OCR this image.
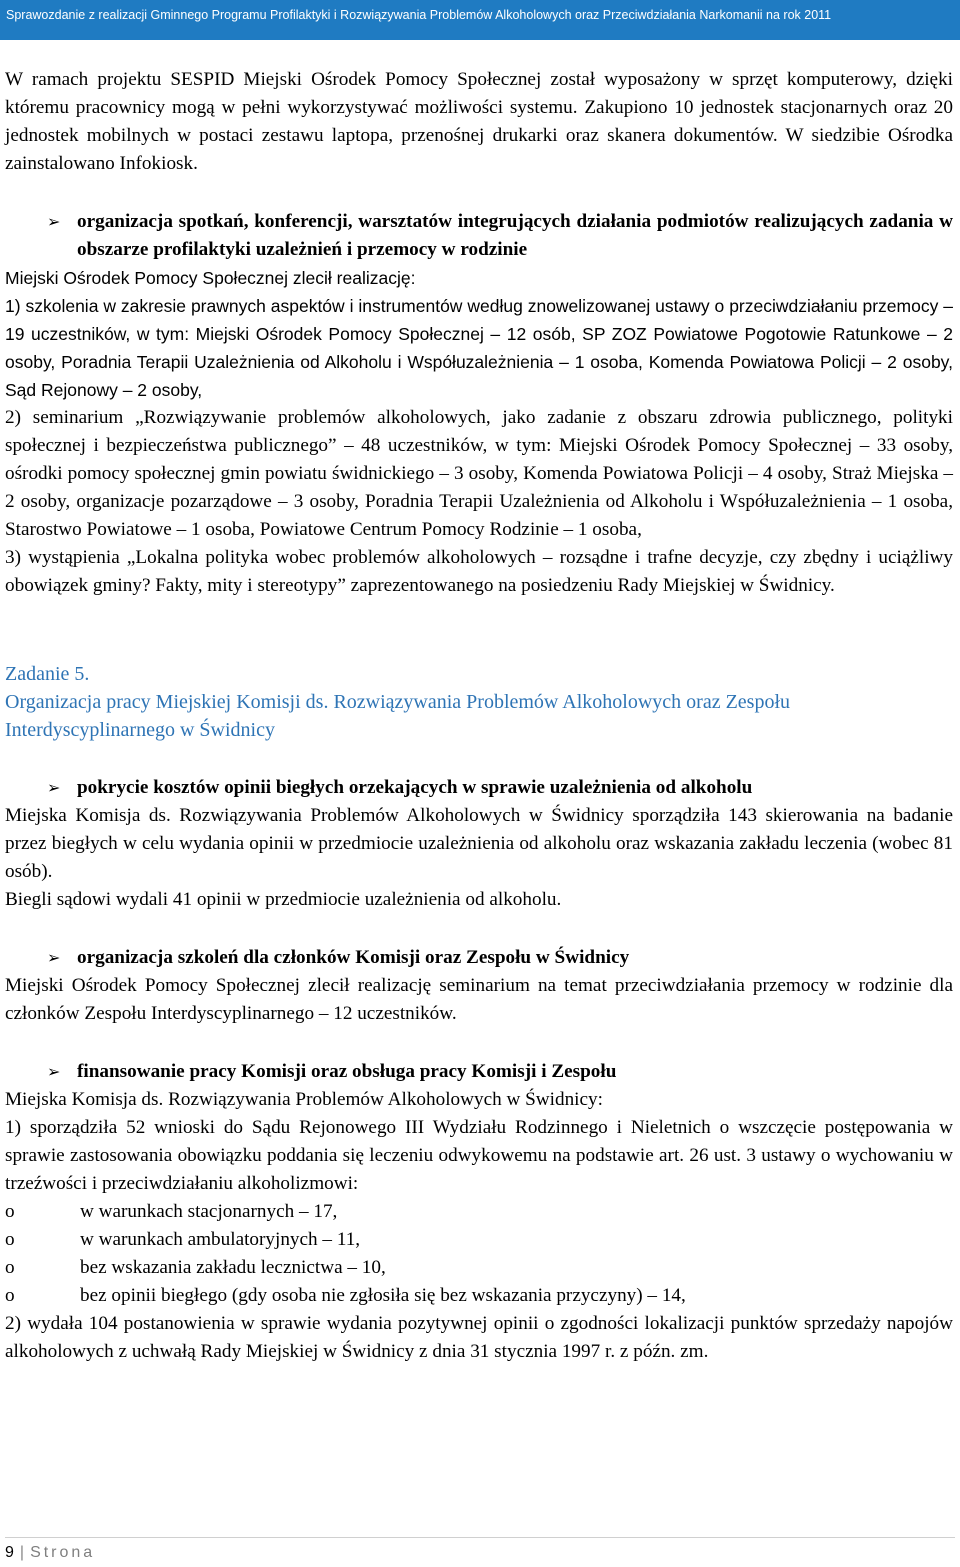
Sprawozdanie z realizacji Gminnego Programu Profilaktyki i Rozwiązywania Problemów Alkoholowych oraz Przeciwdziałania Narkomanii na rok 2011

W ramach projektu SESPID Miejski Ośrodek Pomocy Społecznej został wyposażony w sprzęt komputerowy, dzięki któremu pracownicy mogą w pełni wykorzystywać możliwości systemu. Zakupiono 10 jednostek stacjonarnych oraz 20 jednostek mobilnych w postaci zestawu laptopa, przenośnej drukarki oraz skanera dokumentów. W siedzibie Ośrodka zainstalowano Infokiosk.

➢ organizacja spotkań, konferencji, warsztatów integrujących działania podmiotów realizujących zadania w obszarze profilaktyki uzależnień i przemocy w rodzinie

Miejski Ośrodek Pomocy Społecznej zlecił realizację:

1) szkolenia w zakresie prawnych aspektów i instrumentów według znowelizowanej ustawy o przeciwdziałaniu przemocy – 19 uczestników, w tym: Miejski Ośrodek Pomocy Społecznej – 12 osób, SP ZOZ Powiatowe Pogotowie Ratunkowe – 2 osoby, Poradnia Terapii Uzależnienia od Alkoholu i Współuzależnienia – 1 osoba, Komenda Powiatowa Policji – 2 osoby, Sąd Rejonowy – 2 osoby,

2) seminarium „Rozwiązywanie problemów alkoholowych, jako zadanie z obszaru zdrowia publicznego, polityki społecznej i bezpieczeństwa publicznego” – 48 uczestników, w tym: Miejski Ośrodek Pomocy Społecznej – 33 osoby, ośrodki pomocy społecznej gmin powiatu świdnickiego – 3 osoby, Komenda Powiatowa Policji – 4 osoby, Straż Miejska – 2 osoby, organizacje pozarządowe – 3 osoby, Poradnia Terapii Uzależnienia od Alkoholu i Współuzależnienia – 1 osoba, Starostwo Powiatowe – 1 osoba, Powiatowe Centrum Pomocy Rodzinie – 1 osoba,

3) wystąpienia „Lokalna polityka wobec problemów alkoholowych – rozsądne i trafne decyzje, czy zbędny i uciążliwy obowiązek gminy? Fakty, mity i stereotypy” zaprezentowanego na posiedzeniu Rady Miejskiej w Świdnicy.

Zadanie 5.

Organizacja pracy Miejskiej Komisji ds. Rozwiązywania Problemów Alkoholowych oraz Zespołu Interdyscyplinarnego w Świdnicy

➢ pokrycie kosztów opinii biegłych orzekających w sprawie uzależnienia od alkoholu

Miejska Komisja ds. Rozwiązywania Problemów Alkoholowych w Świdnicy sporządziła 143 skierowania na badanie przez biegłych w celu wydania opinii w przedmiocie uzależnienia od alkoholu oraz wskazania zakładu leczenia (wobec 81 osób).

Biegli sądowi wydali 41 opinii w przedmiocie uzależnienia od alkoholu.

➢ organizacja szkoleń dla członków Komisji oraz Zespołu w Świdnicy

Miejski Ośrodek Pomocy Społecznej zlecił realizację seminarium na temat przeciwdziałania przemocy w rodzinie dla członków Zespołu Interdyscyplinarnego – 12 uczestników.

➢ finansowanie pracy Komisji oraz obsługa pracy Komisji i Zespołu

Miejska Komisja ds. Rozwiązywania Problemów Alkoholowych w Świdnicy:

1) sporządziła 52 wnioski do Sądu Rejonowego III Wydziału Rodzinnego i Nieletnich o wszczęcie postępowania w sprawie zastosowania obowiązku poddania się leczeniu odwykowemu na podstawie art. 26 ust. 3 ustawy o wychowaniu w trzeźwości i przeciwdziałaniu alkoholizmowi:

o	w warunkach stacjonarnych – 17,
o	w warunkach ambulatoryjnych – 11,
o	bez wskazania zakładu lecznictwa – 10,
o	bez opinii biegłego (gdy osoba nie zgłosiła się bez wskazania przyczyny) – 14,

2) wydała 104 postanowienia w sprawie wydania pozytywnej opinii o zgodności lokalizacji punktów sprzedaży napojów alkoholowych z uchwałą Rady Miejskiej w Świdnicy z dnia 31 stycznia 1997 r. z późn. zm.

9 | Strona
